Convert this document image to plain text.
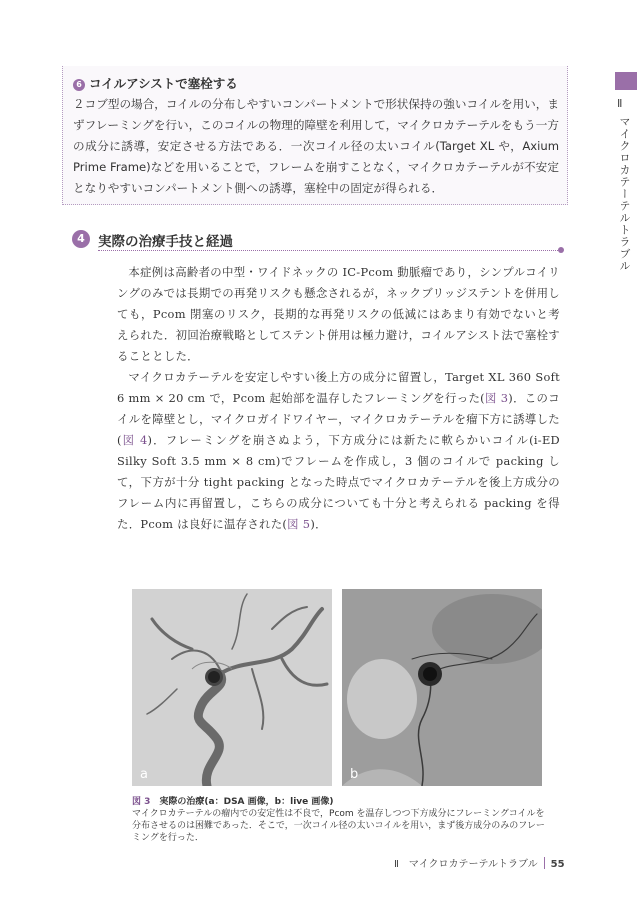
Ⅱ
マイクロカテーテルトラブル
6 コイルアシストで塞栓する
２コブ型の場合，コイルの分布しやすいコンパートメントで形状保持の強いコイルを用い，まずフレーミングを行い，このコイルの物理的障壁を利用して，マイクロカテーテルをもう一方の成分に誘導，安定させる方法である．一次コイル径の太いコイル(Target XL や，Axium Prime Frame)などを用いることで，フレームを崩すことなく，マイクロカテーテルが不安定となりやすいコンパートメント側への誘導，塞栓中の固定が得られる．
4 実際の治療手技と経過

本症例は高齢者の中型・ワイドネックの IC-Pcom 動脈瘤であり，シンプルコイリングのみでは長期での再発リスクも懸念されるが，ネックブリッジステントを併用しても，Pcom 閉塞のリスク，長期的な再発リスクの低減にはあまり有効でないと考えられた．初回治療戦略としてステント併用は極力避け，コイルアシスト法で塞栓することとした．

マイクロカテーテルを安定しやすい後上方の成分に留置し，Target XL 360 Soft 6 mm × 20 cm で，Pcom 起始部を温存したフレーミングを行った(図 3)．このコイルを障壁とし，マイクロガイドワイヤー，マイクロカテーテルを瘤下方に誘導した(図 4)．フレーミングを崩さぬよう，下方成分には新たに軟らかいコイル(i-ED Silky Soft 3.5 mm × 8 cm)でフレームを作成し，3 個のコイルで packing して，下方が十分 tight packing となった時点でマイクロカテーテルを後上方成分のフレーム内に再留置し，こちらの成分についても十分と考えられる packing を得た．Pcom は良好に温存された(図 5)．

a	b
図 3　 実際の治療(a：DSA 画像，b：live 画像)
マイクロカテーテルの瘤内での安定性は不良で，Pcom を温存しつつ下方成分にフレーミングコイルを分布させるのは困難であった．そこで，一次コイル径の太いコイルを用い，まず後方成分のみのフレーミングを行った．
Ⅱ　 マイクロカテーテルトラブル 55
